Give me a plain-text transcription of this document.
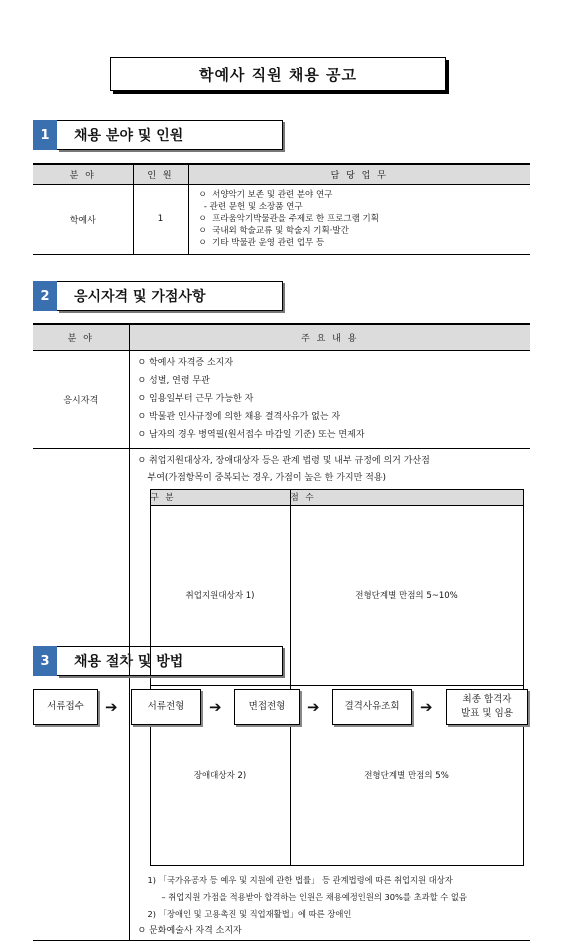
학예사 직원 채용 공고
1	채용 분야 및 인원
분 야	인 원	담 당 업 무
학예사	1	ㅇ  서양악기 보존 및 관련 분야 연구
- 관련 문헌 및 소장품 연구
ㅇ  프라움악기박물관을 주제로 한 프로그램 기획
ㅇ  국내외 학술교류 및 학술지 기획·발간
ㅇ  기타 박물관 운영 관련 업무 등
2	응시자격 및 가점사항
분 야	주 요 내 용
응시자격	
ㅇ 학예사 자격증 소지자
ㅇ 성별, 연령 무관
ㅇ 임용일부터 근무 가능한 자
ㅇ 박물관 인사규정에 의한 채용 결격사유가 없는 자
ㅇ 남자의 경우 병역필(원서접수 마감일 기준) 또는 면제자

ㅇ 취업지원대상자, 장애대상자 등은 관계 법령 및 내부 규정에 의거 가산점
부여(가점항목이 중복되는 경우, 가점이 높은 한 가지만 적용)
구 분	점 수
취업지원대상자 1)	전형단계별 만점의 5~10%
장애대상자 2)	전형단계별 만점의 5%
1) 「국가유공자 등 예우 및 지원에 관한 법률」 등 관계법령에 따른 취업지원 대상자
– 취업지원 가점을 적용받아 합격하는 인원은 채용예정인원의 30%를 초과할 수 없음
2) 「장애인 및 고용촉진 및 직업재활법」에 따른 장애인
ㅇ 문화예술사 자격 소지자
3	채용 절차 및 방법
서류접수	➔	서류전형	➔	면접전형	➔	결격사유조회	➔	최종 합격자
발표 및 임용
